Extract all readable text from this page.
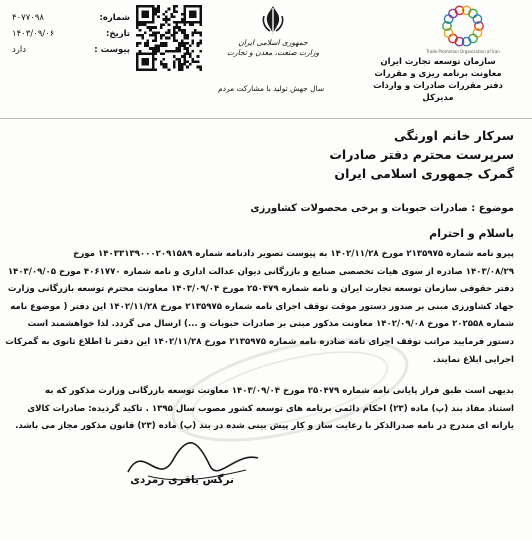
Trade Promotion Organization of Iran
سازمان توسعه تجارت ایران
معاونت برنامه ریزی و مقررات
دفتر مقررات صادرات و واردات
مدیرکل
جمهوری اسلامی ایران
وزارت صنعت، معدن و تجارت
سال جهش تولید با مشارکت مردم
شماره:
۴۰۷۷۰۹۸
تاریخ:
۱۴۰۳/۰۹/۰۶
پیوست :
دارد
سرکار خانم اورنگی
سرپرست محترم دفتر صادرات
گمرک جمهوری اسلامی ایران
موضوع : صادرات حبوبات و برخی محصولات کشاورزی
باسلام و احترام
پیرو نامه شماره ۲۱۳۵۹۷۵ مورخ ۱۴۰۲/۱۱/۲۸ به پیوست تصویر دادنامه شماره ۱۴۰۳۳۱۳۹۰۰۰۲۰۹۱۵۸۹ مورخ
۱۴۰۳/۰۸/۲۹ صادره از سوی هیات تخصصی صنایع و بازرگانی دیوان عدالت اداری و نامه شماره ۴۰۶۱۷۷۰ مورخ ۱۴۰۳/۰۹/۰۵
دفتر حقوقی سازمان توسعه تجارت ایران و نامه شماره ۲۵۰۴۷۹ مورخ ۱۴۰۳/۰۹/۰۴ معاونت محترم توسعه بازرگانی وزارت
جهاد کشاورزی مبنی بر صدور دستور موقت توقف اجرای نامه شماره ۲۱۳۵۹۷۵ مورخ ۱۴۰۲/۱۱/۲۸ این دفتر ( موضوع نامه
شماره ۲۰۲۵۵۸ مورخ ۱۴۰۲/۰۹/۰۸ معاونت مذکور مبنی بر صادرات حبوبات و ...) ارسال می گردد. لذا خواهشمند است
دستور فرمایید مراتب توقف اجرای نامه صادره نامه شماره ۲۱۳۵۹۷۵ مورخ ۱۴۰۲/۱۱/۲۸ این دفتر تا اطلاع ثانوی به گمرکات
اجرایی ابلاغ نمایند.
بدیهی است طبق فراز پایانی نامه شماره ۲۵۰۴۷۹ مورخ ۱۴۰۳/۰۹/۰۴ معاونت توسعه بازرگانی وزارت مذکور که به
استناد مفاد بند (پ) ماده (۲۳) احکام دائمی برنامه های توسعه کشور مصوب سال ۱۳۹۵ . تاکید گردیده: صادرات کالای
یارانه ای مندرج در نامه صدرالذکر با رعایت ساز و کار پیش بینی شده در بند (پ) ماده (۲۳) قانون مذکور مجاز می باشد.
نرگس باقری زمردی
